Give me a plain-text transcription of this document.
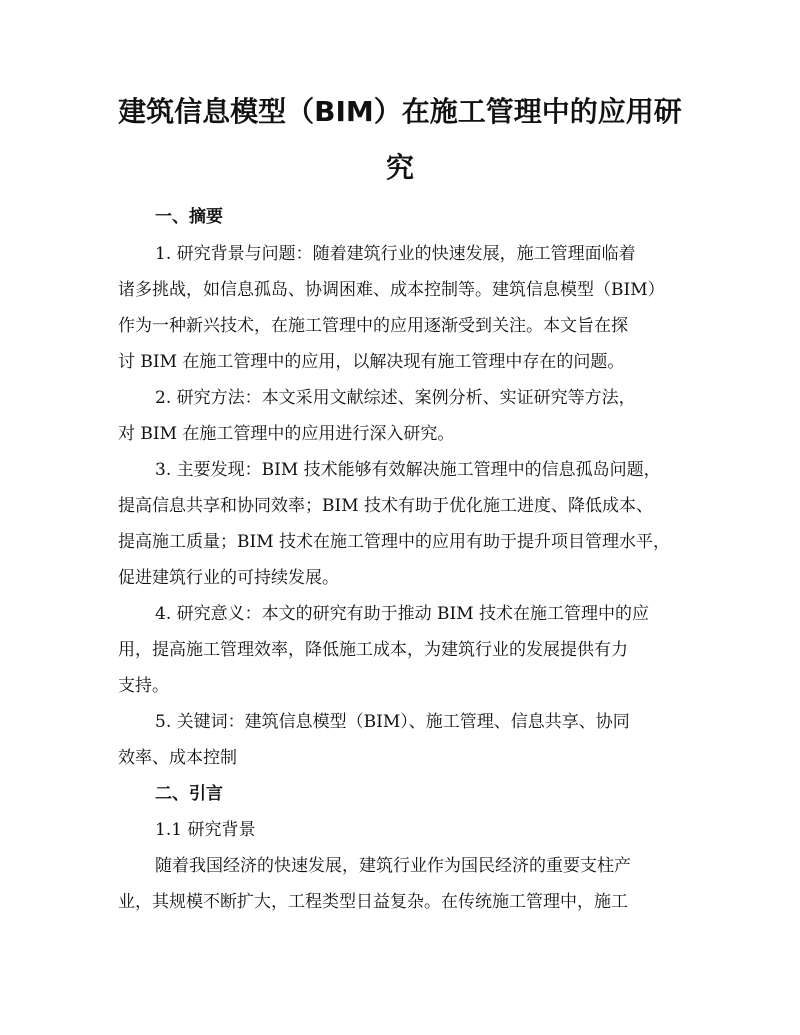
建筑信息模型（BIM）在施工管理中的应用研
究
一、摘要
1. 研究背景与问题：随着建筑行业的快速发展，施工管理面临着
诸多挑战，如信息孤岛、协调困难、成本控制等。建筑信息模型（BIM）
作为一种新兴技术，在施工管理中的应用逐渐受到关注。本文旨在探
讨 BIM 在施工管理中的应用，以解决现有施工管理中存在的问题。
2. 研究方法：本文采用文献综述、案例分析、实证研究等方法，
对 BIM 在施工管理中的应用进行深入研究。
3. 主要发现：BIM 技术能够有效解决施工管理中的信息孤岛问题，
提高信息共享和协同效率；BIM 技术有助于优化施工进度、降低成本、
提高施工质量；BIM 技术在施工管理中的应用有助于提升项目管理水平，
促进建筑行业的可持续发展。
4. 研究意义：本文的研究有助于推动 BIM 技术在施工管理中的应
用，提高施工管理效率，降低施工成本，为建筑行业的发展提供有力
支持。
5. 关键词：建筑信息模型（BIM）、施工管理、信息共享、协同
效率、成本控制
二、引言
1.1 研究背景
随着我国经济的快速发展，建筑行业作为国民经济的重要支柱产
业，其规模不断扩大，工程类型日益复杂。在传统施工管理中，施工
